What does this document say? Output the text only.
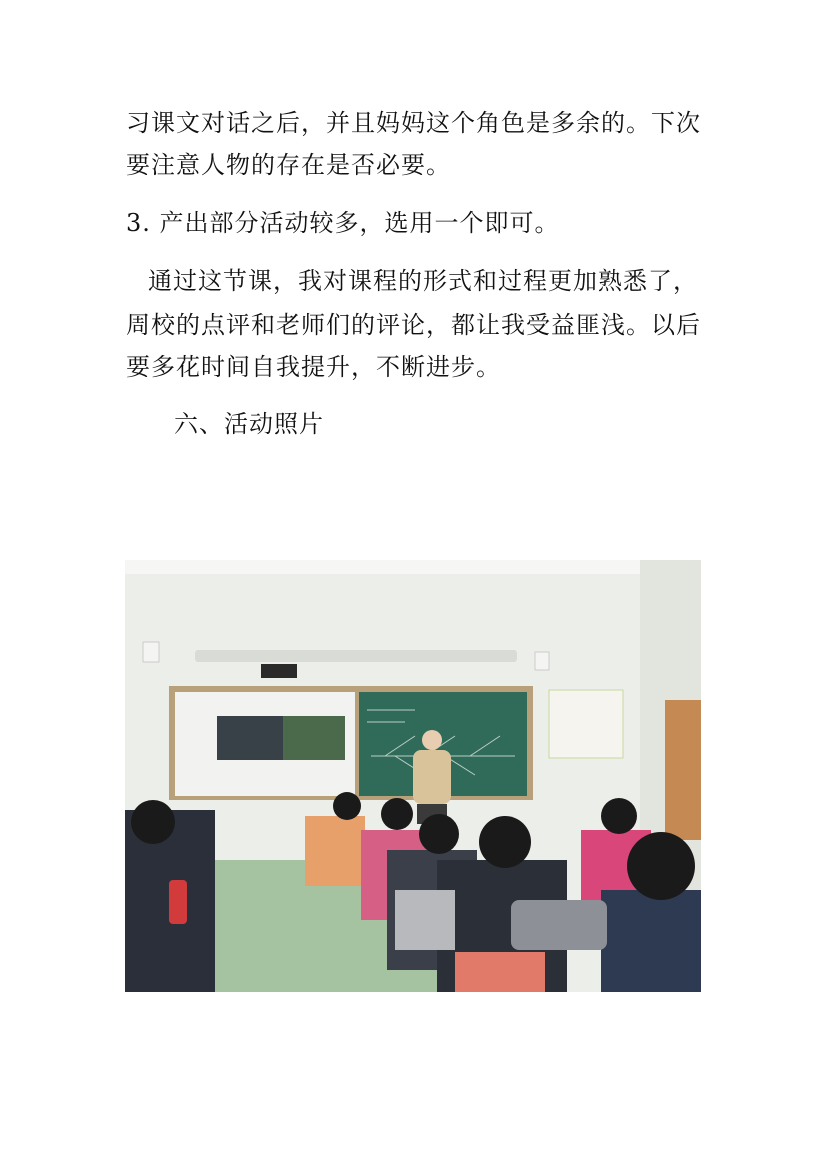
习课文对话之后，并且妈妈这个角色是多余的。下次
要注意人物的存在是否必要。
3. 产出部分活动较多，选用一个即可。
通过这节课，我对课程的形式和过程更加熟悉了，
周校的点评和老师们的评论，都让我受益匪浅。以后
要多花时间自我提升，不断进步。
六、活动照片
